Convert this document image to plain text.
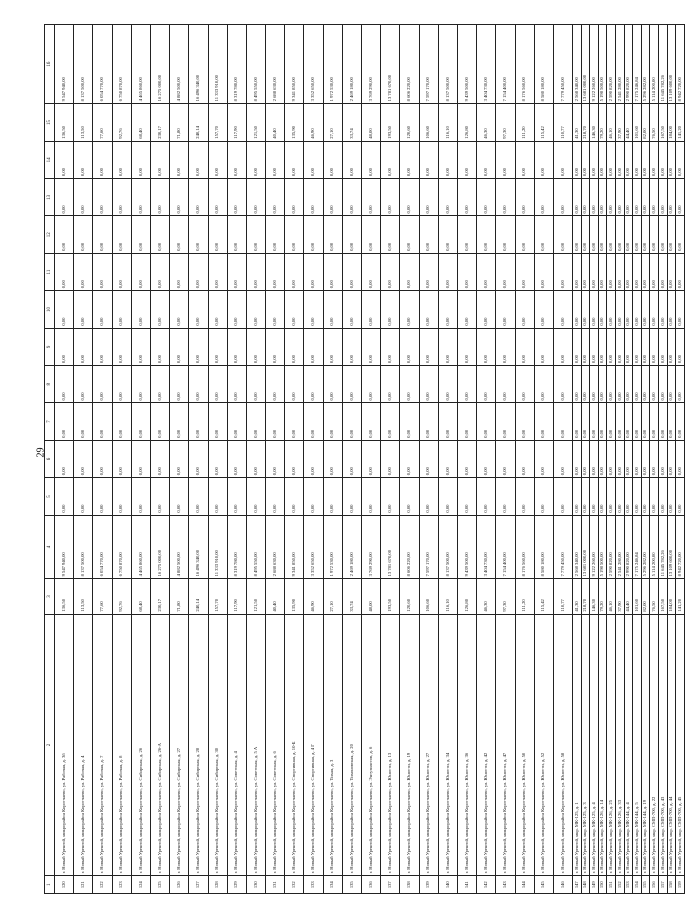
29
1	2	3	4	5	6	7	8	9	10	11	12	13	14	15	16
120	г. Новый Уренгой, микрорайон Коротчаево, ул. Рабочая, д. 3б	136,50	9 547 940,00	0,00	0,00	0,00	0,00	0,00	0,00	0,00	0,00	0,00	0,00	136,50	9 547 940,00
121	г. Новый Уренгой, микрорайон Коротчаево, ул. Рабочая, д. 4	113,50	8 137 500,00	0,00	0,00	0,00	0,00	0,00	0,00	0,00	0,00	0,00	0,00	113,50	8 137 500,00
122	г. Новый Уренгой, микрорайон Коротчаево, ул. Рабочая, д. 7	77,60	6 054 770,00	0,00	0,00	0,00	0,00	0,00	0,00	0,00	0,00	0,00	0,00	77,60	6 054 770,00
123	г. Новый Уренгой, микрорайон Коротчаево, ул. Рабочая, д. 8	92,76	6 750 870,00	0,00	0,00	0,00	0,00	0,00	0,00	0,00	0,00	0,00	0,00	92,76	6 750 870,00
124	г. Новый Уренгой, микрорайон Коротчаево, ул. Сибирская, д. 26	68,40	4 465 860,00	0,00	0,00	0,00	0,00	0,00	0,00	0,00	0,00	0,00	0,00	68,40	4 465 860,00
125	г. Новый Уренгой, микрорайон Коротчаево, ул. Сибирская, д. 26-А	230,17	16 275 000,00	0,00	0,00	0,00	0,00	0,00	0,00	0,00	0,00	0,00	0,00	230,17	16 275 000,00
126	г. Новый Уренгой, микрорайон Коротчаево, ул. Сибирская, д. 27	71,80	4 882 500,00	0,00	0,00	0,00	0,00	0,00	0,00	0,00	0,00	0,00	0,00	71,80	4 882 500,00
127	г. Новый Уренгой, микрорайон Коротчаево, ул. Сибирская, д. 28	240,14	16 496 340,00	0,00	0,00	0,00	0,00	0,00	0,00	0,00	0,00	0,00	0,00	240,14	16 496 340,00
128	г. Новый Уренгой, микрорайон Коротчаево, ул. Сибирская, д. 30	157,70	11 333 910,00	0,00	0,00	0,00	0,00	0,00	0,00	0,00	0,00	0,00	0,00	157,70	11 333 910,00
129	г. Новый Уренгой, микрорайон Коротчаево, ул. Советская, д. 4	117,90	8 319 780,00	0,00	0,00	0,00	0,00	0,00	0,00	0,00	0,00	0,00	0,00	117,90	8 319 780,00
130	г. Новый Уренгой, микрорайон Коротчаево, ул. Советская, д. 5 А	121,50	8 495 550,00	0,00	0,00	0,00	0,00	0,00	0,00	0,00	0,00	0,00	0,00	121,50	8 495 550,00
131	г. Новый Уренгой, микрорайон Коротчаево, ул. Советская, д. 6	40,40	2 688 630,00	0,00	0,00	0,00	0,00	0,00	0,00	0,00	0,00	0,00	0,00	40,40	2 688 630,00
132	г. Новый Уренгой, микрорайон Коротчаево, ул. Спортивная, д. 10-Б	135,90	9 341 850,00	0,00	0,00	0,00	0,00	0,00	0,00	0,00	0,00	0,00	0,00	135,90	9 341 850,00
133	г. Новый Уренгой, микрорайон Коротчаево, ул. Спортивная, д. 4 Г	46,90	3 352 650,00	0,00	0,00	0,00	0,00	0,00	0,00	0,00	0,00	0,00	0,00	46,90	3 352 650,00
134	г. Новый Уренгой, микрорайон Коротчаево, ул. Тихая, д. 3	27,10	1 972 530,00	0,00	0,00	0,00	0,00	0,00	0,00	0,00	0,00	0,00	0,00	27,10	1 972 530,00
135	г. Новый Уренгой, микрорайон Коротчаево, ул. Тихоновская, д. 20	33,74	2 469 180,00	0,00	0,00	0,00	0,00	0,00	0,00	0,00	0,00	0,00	0,00	33,74	2 469 180,00
136	г. Новый Уренгой, микрорайон Коротчаево, ул. Энтузиастов, д. 6	48,00	3 769 290,00	0,00	0,00	0,00	0,00	0,00	0,00	0,00	0,00	0,00	0,00	48,00	3 769 290,00
137	г. Новый Уренгой, микрорайон Коротчаево, ул. Юности, д. 13	193,50	13 781 670,00	0,00	0,00	0,00	0,00	0,00	0,00	0,00	0,00	0,00	0,00	193,50	13 781 670,00
138	г. Новый Уренгой, микрорайон Коротчаево, ул. Юности, д. 19	120,60	8 606 220,00	0,00	0,00	0,00	0,00	0,00	0,00	0,00	0,00	0,00	0,00	120,60	8 606 220,00
139	г. Новый Уренгой, микрорайон Коротчаево, ул. Юности, д. 27	106,60	7 597 170,00	0,00	0,00	0,00	0,00	0,00	0,00	0,00	0,00	0,00	0,00	106,60	7 597 170,00
140	г. Новый Уренгой, микрорайон Коротчаево, ул. Юности, д. 34	116,10	8 137 500,00	0,00	0,00	0,00	0,00	0,00	0,00	0,00	0,00	0,00	0,00	116,10	8 137 500,00
141	г. Новый Уренгой, микрорайон Коротчаево, ул. Юности, д. 36	126,80	9 439 500,00	0,00	0,00	0,00	0,00	0,00	0,00	0,00	0,00	0,00	0,00	126,80	9 439 500,00
142	г. Новый Уренгой, микрорайон Коротчаево, ул. Юности, д. 42	46,30	3 404 730,00	0,00	0,00	0,00	0,00	0,00	0,00	0,00	0,00	0,00	0,00	46,30	3 404 730,00
143	г. Новый Уренгой, микрорайон Коротчаево, ул. Юности, д. 47	97,30	7 154 400,00	0,00	0,00	0,00	0,00	0,00	0,00	0,00	0,00	0,00	0,00	97,30	7 154 400,00
144	г. Новый Уренгой, микрорайон Коротчаево, ул. Юности, д. 50	111,20	8 176 560,00	0,00	0,00	0,00	0,00	0,00	0,00	0,00	0,00	0,00	0,00	111,20	8 176 560,00
145	г. Новый Уренгой, микрорайон Коротчаево, ул. Юности, д. 52	115,42	8 580 180,00	0,00	0,00	0,00	0,00	0,00	0,00	0,00	0,00	0,00	0,00	115,42	8 580 180,00
146	г. Новый Уренгой, микрорайон Коротчаево, ул. Юности, д. 58	110,77	7 779 450,00	0,00	0,00	0,00	0,00	0,00	0,00	0,00	0,00	0,00	0,00	110,77	7 779 450,00
147	г. Новый Уренгой, мкр. МК-125, д. 1	41,30	2 568 340,00	0,00	0,00	0,00	0,00	0,00	0,00	0,00	0,00	0,00	0,00	41,30	2 568 340,00
148	г. Новый Уренгой, мкр. МК-125, д. 3	218,70	13 681 000,00	0,00	0,00	0,00	0,00	0,00	0,00	0,00	0,00	0,00	0,00	218,70	13 681 000,00
149	г. Новый Уренгой, мкр. МК-125, д. 4	146,30	9 122 260,00	0,00	0,00	0,00	0,00	0,00	0,00	0,00	0,00	0,00	0,00	146,30	9 122 260,00
150	г. Новый Уренгой, мкр. МК-126, д. 14	79,20	5 198 500,00	0,00	0,00	0,00	0,00	0,00	0,00	0,00	0,00	0,00	0,00	79,20	5 198 500,00
151	г. Новый Уренгой, мкр. МК-126, д. 25	46,10	2 590 820,00	0,00	0,00	0,00	0,00	0,00	0,00	0,00	0,00	0,00	0,00	46,10	2 590 820,00
152	г. Новый Уренгой, мкр. МК-126, д. 33	37,90	2 541 280,00	0,00	0,00	0,00	0,00	0,00	0,00	0,00	0,00	0,00	0,00	37,90	2 541 280,00
153	г. Новый Уренгой, мкр. МК-144, д. 4	44,40	2 990 820,00	0,00	0,00	0,00	0,00	0,00	0,00	0,00	0,00	0,00	0,00	44,40	2 990 820,00
154	г. Новый Уренгой, мкр. МК-144, д. 5	101,60	7 175 246,84	0,00	0,00	0,00	0,00	0,00	0,00	0,00	0,00	0,00	0,00	101,60	7 175 246,84
155	г. Новый Уренгой, мкр. МК-144, д. 19	82,00	5 296 282,00	0,00	0,00	0,00	0,00	0,00	0,00	0,00	0,00	0,00	0,00	82,00	5 296 282,00
156	г. Новый Уренгой, мкр. СМП-700, д. 22	76,50	5 114 200,00	0,00	0,00	0,00	0,00	0,00	0,00	0,00	0,00	0,00	0,00	76,50	5 114 200,00
157	г. Новый Уренгой, мкр. СМП-700, д. 43	167,50	11 645 782,26	0,00	0,00	0,00	0,00	0,00	0,00	0,00	0,00	0,00	0,00	167,50	11 645 782,26
158	г. Новый Уренгой, мкр. СМП-700, д. 44	184,00	13 109 600,00	0,00	0,00	0,00	0,00	0,00	0,00	0,00	0,00	0,00	0,00	184,00	13 109 600,00
159	г. Новый Уренгой, мкр. СМП-700, д. 45	141,20	8 942 720,00	0,00	0,00	0,00	0,00	0,00	0,00	0,00	0,00	0,00	0,00	141,20	8 942 720,00
